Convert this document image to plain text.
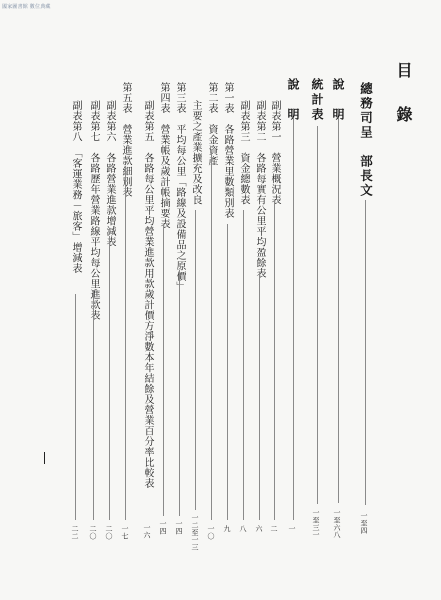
國家圖書館 數位典藏
目　錄
總務司呈　部長文
一至四
說　明
一至六八
統計表
一至三一
說　明
一
副表第一　營業概況表
二
副表第二　各路每實有公里平均盈餘表
六
副表第三　資金總數表
八
第一表　各路營業里數類別表
九
第二表　資金資產
一〇
主要之產業擴充及改良
一二至一三
第三表　平均每公里「路線及設備品之原價」
一四
第四表　營業帳及歲計帳摘要表
一四
副表第五　各路每公里平均營業進款用款歲計價方淨數本年結餘及營業百分率比較表
一六
第五表　營業進款細別表
一七
副表第六　各路營業進款增減表
二〇
副表第七　各路歷年營業路線平均每公里進款表
二〇
副表第八　「客運業務－旅客」增減表
二二
